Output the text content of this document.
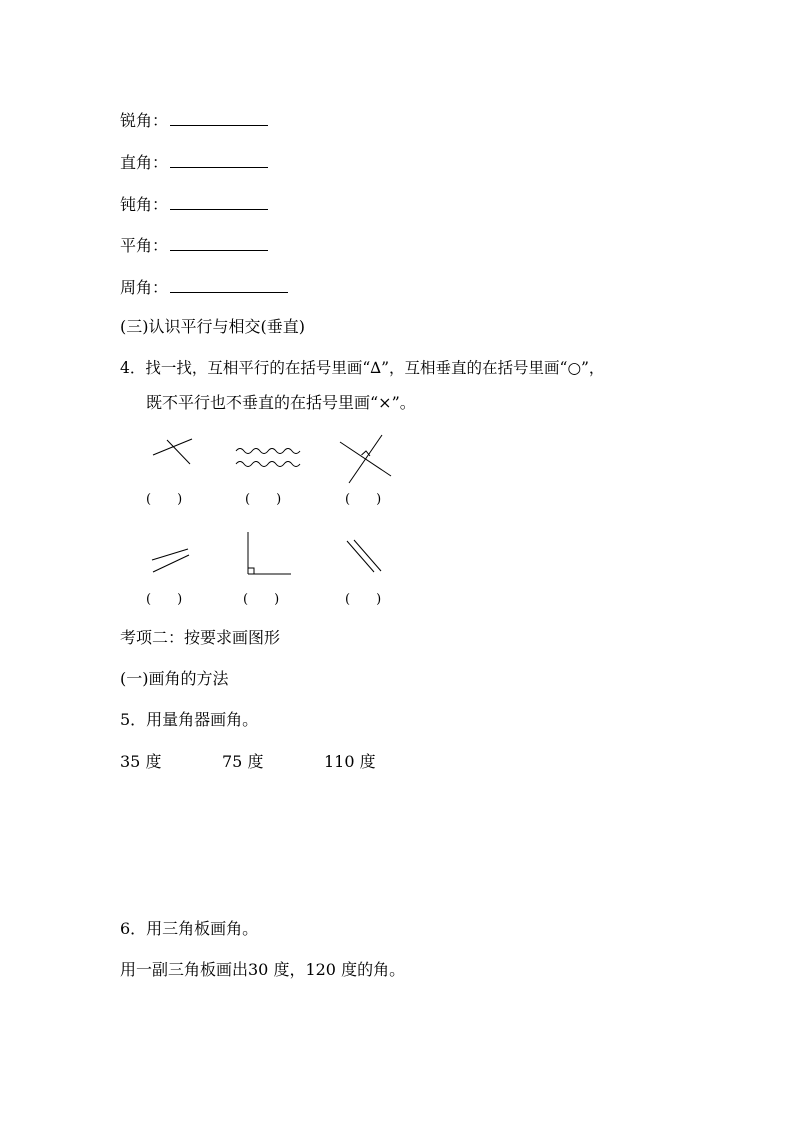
锐角：
直角：
钝角：
平角：
周角：
(三)认识平行与相交(垂直)
4．找一找，互相平行的在括号里画“∆”，互相垂直的在括号里画“○”，
既不平行也不垂直的在括号里画“×”。
(　　)	(　　)	(　　)
(　　)	(　　)	(　　)
考项二：按要求画图形
(一)画角的方法
5．用量角器画角。
35 度	75 度	110 度
6．用三角板画角。
用一副三角板画出30 度，120 度的角。
